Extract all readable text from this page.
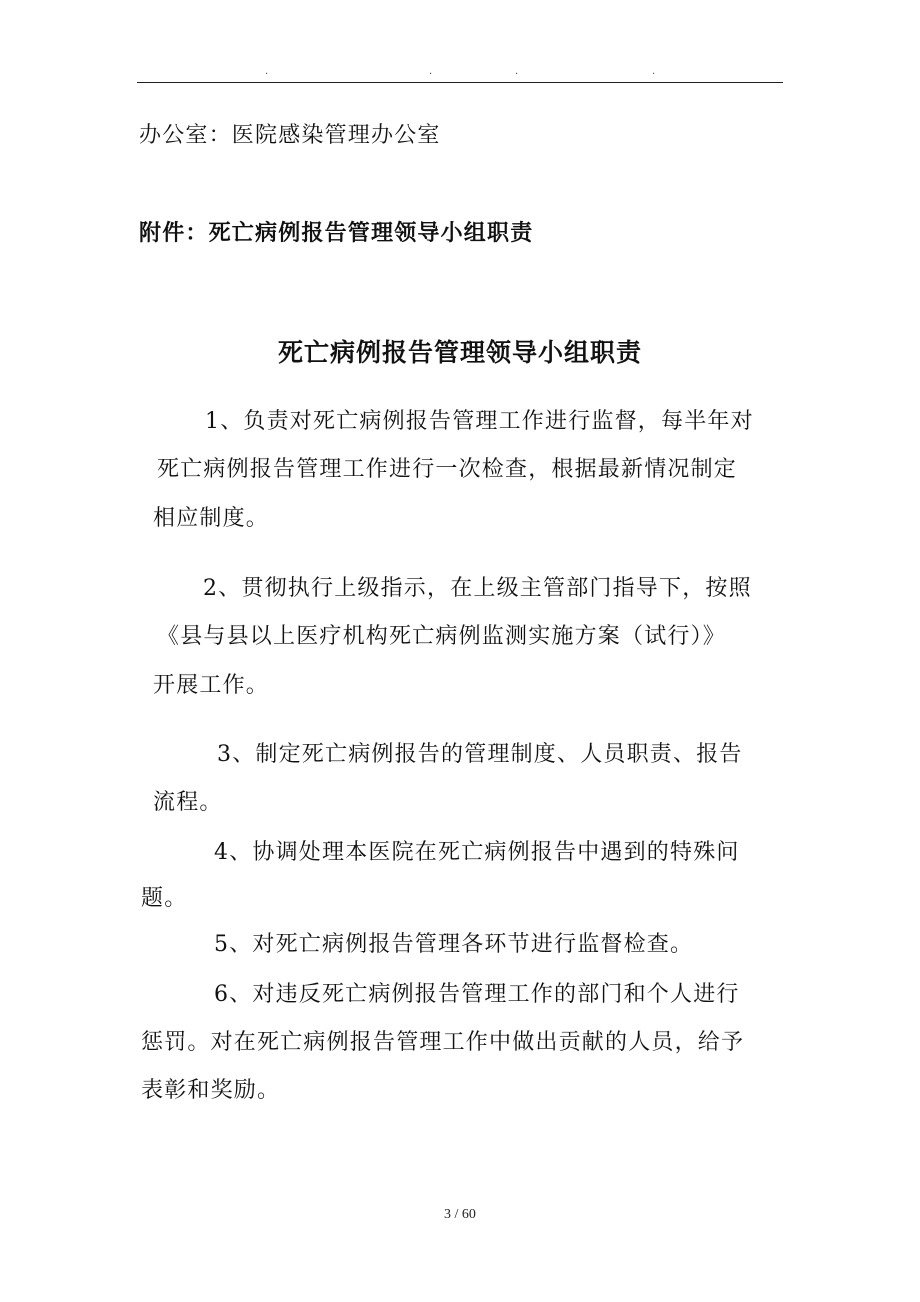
.	.	.	.
办公室：医院感染管理办公室
附件：死亡病例报告管理领导小组职责
死亡病例报告管理领导小组职责
1、负责对死亡病例报告管理工作进行监督，每半年对
死亡病例报告管理工作进行一次检查，根据最新情况制定
相应制度。
2、贯彻执行上级指示，在上级主管部门指导下，按照
《县与县以上医疗机构死亡病例监测实施方案（试行）》
开展工作。
3、制定死亡病例报告的管理制度、人员职责、报告
流程。
4、协调处理本医院在死亡病例报告中遇到的特殊问
题。
5、对死亡病例报告管理各环节进行监督检查。
6、对违反死亡病例报告管理工作的部门和个人进行
惩罚。对在死亡病例报告管理工作中做出贡献的人员，给予
表彰和奖励。
3 / 60
